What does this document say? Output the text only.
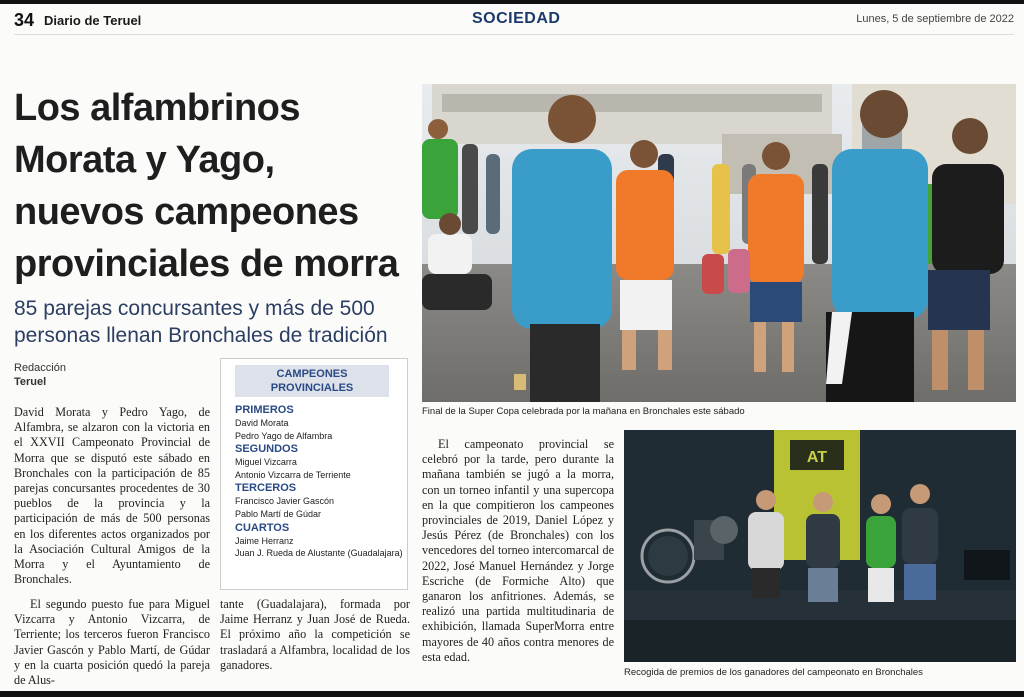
34 Diario de Teruel	SOCIEDAD	Lunes, 5 de septiembre de 2022
Los alfambrinos
Morata y Yago,
nuevos campeones
provinciales de morra
85 parejas concursantes y más de 500
personas llenan Bronchales de tradición
Redacción
Teruel
David Morata y Pedro Yago, de Alfambra, se alzaron con la victoria en el XXVII Campeonato Provincial de Morra que se disputó este sábado en Bronchales con la participación de 85 parejas concursantes procedentes de 30 pueblos de la provincia y la participación de más de 500 personas en los diferentes actos organizados por la Asociación Cultural Amigos de la Morra y el Ayuntamiento de Bronchales.
El segundo puesto fue para Miguel Vizcarra y Antonio Vizcarra, de Terriente; los terceros fueron Francisco Javier Gascón y Pablo Martí, de Gúdar y en la cuarta posición quedó la pareja de Alus-
tante (Guadalajara), formada por Jaime Herranz y Juan José de Rueda. El próximo año la competición se trasladará a Alfambra, localidad de los ganadores.
El campeonato provincial se celebró por la tarde, pero durante la mañana también se jugó a la morra, con un torneo infantil y una supercopa en la que compitieron los campeones provinciales de 2019, Daniel López y Jesús Pérez (de Bronchales) con los vencedores del torneo intercomarcal de 2022, José Manuel Hernández y Jorge Escriche (de Formiche Alto) que ganaron los anfitriones. Además, se realizó una partida multitudinaria de exhibición, llamada SuperMorra entre mayores de 40 años contra menores de esta edad.
CAMPEONES
PROVINCIALES
PRIMEROS
David Morata
Pedro Yago de Alfambra
SEGUNDOS
Miguel Vizcarra
Antonio Vizcarra de Terriente
TERCEROS
Francisco Javier Gascón
Pablo Martí de Gúdar
CUARTOS
Jaime Herranz
Juan J. Rueda de Alustante (Guadalajara)
Final de la Super Copa celebrada por la mañana en Bronchales este sábado
AT
Recogida de premios de los ganadores del campeonato en Bronchales
